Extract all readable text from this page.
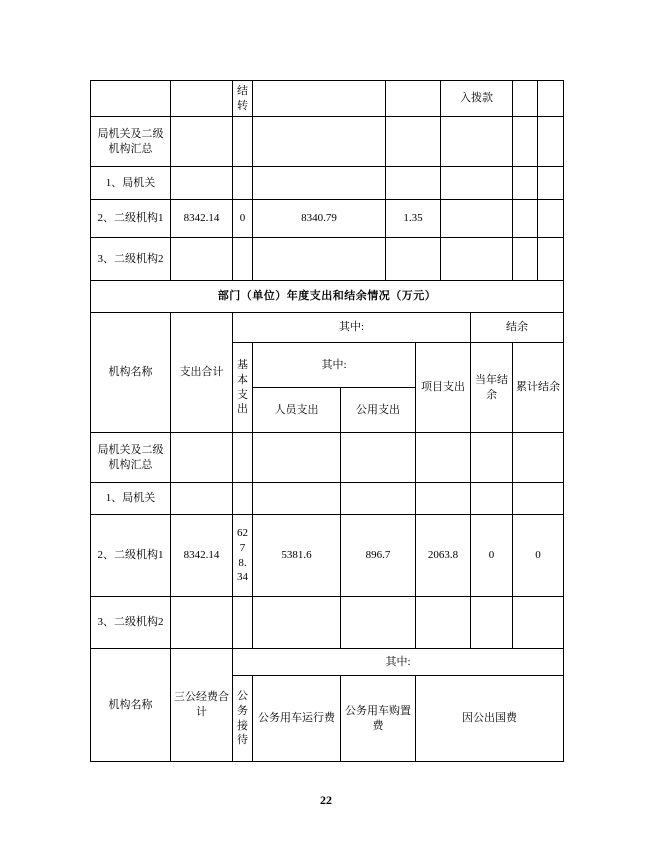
		结转			入拨款		
局机关及二级机构汇总							
1、局机关							
2、二级机构1	8342.14	0	8340.79	1.35			
3、二级机构2							
部门（单位）年度支出和结余情况（万元）							
机构名称	支出合计	其中:				结余	
		基本支出	其中:		项目支出	当年结余	累计结余
			人员支出	公用支出			
局机关及二级机构汇总							
1、局机关							
2、二级机构1	8342.14	6278.34	5381.6	896.7	2063.8	0	0
3、二级机构2							
机构名称	三公经费合计	其中:			
		公务接待	公务用车运行费	公务用车购置费	因公出国费
22
